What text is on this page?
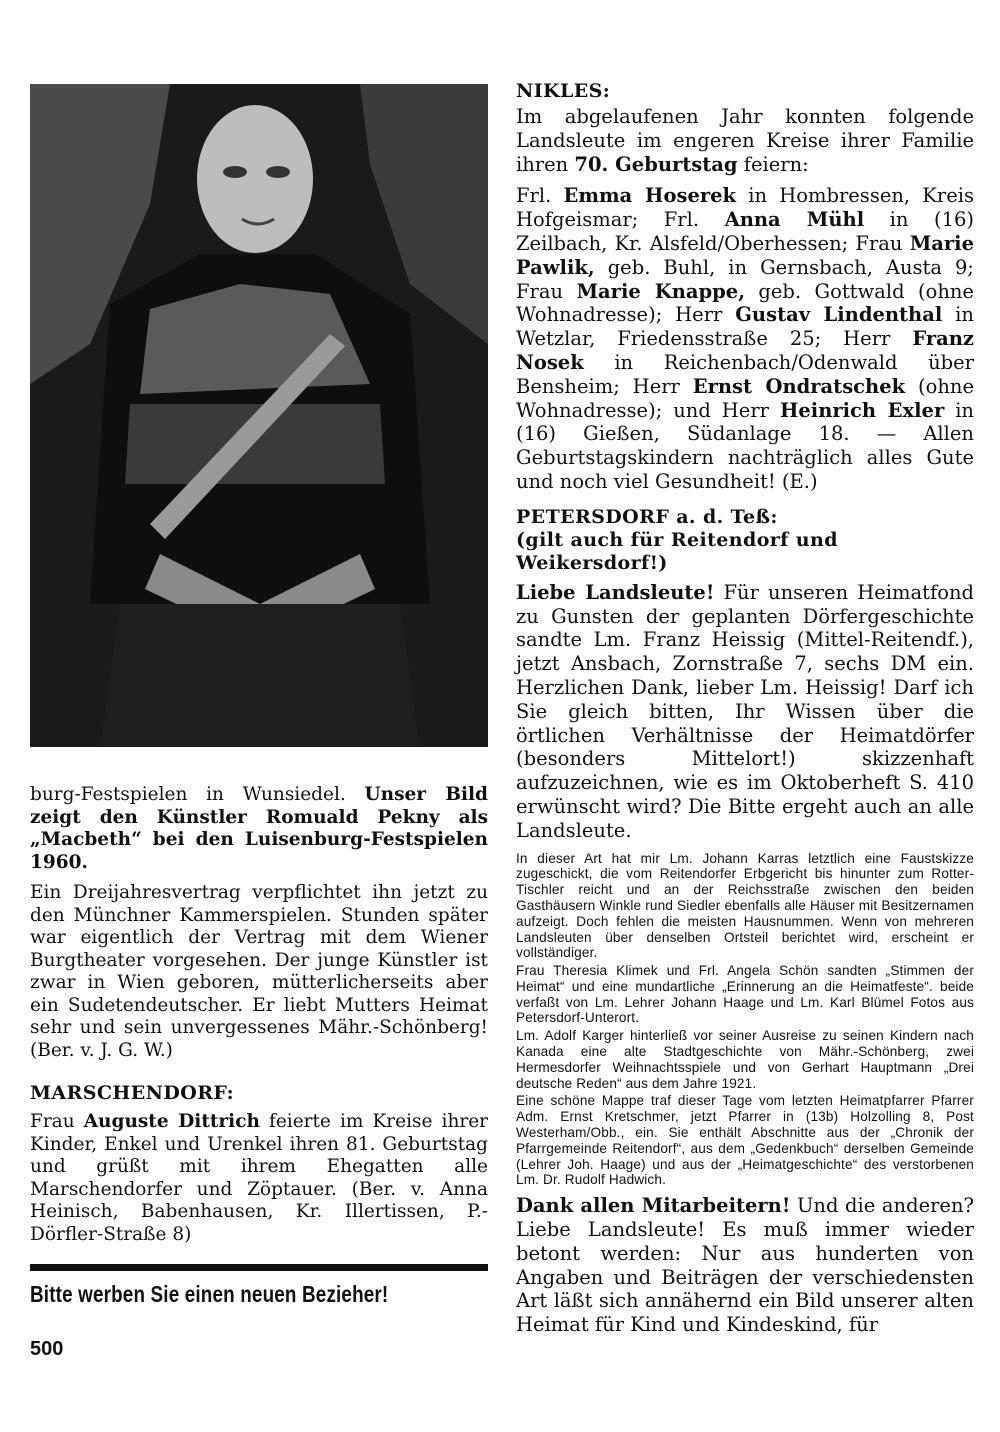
burg-Festspielen in Wunsiedel. Unser Bild zeigt den Künstler Romuald Pekny als „Macbeth“ bei den Luisenburg-Festspielen 1960.

Ein Dreijahresvertrag verpflichtet ihn jetzt zu den Münchner Kammerspielen. Stunden später war eigentlich der Vertrag mit dem Wiener Burgtheater vorgesehen. Der junge Künstler ist zwar in Wien geboren, mütterlicherseits aber ein Sudetendeutscher. Er liebt Mutters Heimat sehr und sein unvergessenes Mähr.-Schönberg! (Ber. v. J. G. W.)

MARSCHENDORF:

Frau Auguste Dittrich feierte im Kreise ihrer Kinder, Enkel und Urenkel ihren 81. Geburtstag und grüßt mit ihrem Ehegatten alle Marschendorfer und Zöptauer. (Ber. v. Anna Heinisch, Babenhausen, Kr. Illertissen, P.-Dörfler-Straße 8)

Bitte werben Sie einen neuen Bezieher!
500
NIKLES:

Im abgelaufenen Jahr konnten folgende Landsleute im engeren Kreise ihrer Familie ihren 70. Geburtstag feiern:

Frl. Emma Hoserek in Hombressen, Kreis Hofgeismar; Frl. Anna Mühl in (16) Zeilbach, Kr. Alsfeld/Oberhessen; Frau Marie Pawlik, geb. Buhl, in Gernsbach, Austa 9; Frau Marie Knappe, geb. Gottwald (ohne Wohnadresse); Herr Gustav Lindenthal in Wetzlar, Friedensstraße 25; Herr Franz Nosek in Reichenbach/Odenwald über Bensheim; Herr Ernst Ondratschek (ohne Wohnadresse); und Herr Heinrich Exler in (16) Gießen, Südanlage 18. — Allen Geburtstagskindern nachträglich alles Gute und noch viel Gesundheit! (E.)

PETERSDORF a. d. Teß:
(gilt auch für Reitendorf und Weikersdorf!)

Liebe Landsleute! Für unseren Heimatfond zu Gunsten der geplanten Dörfergeschichte sandte Lm. Franz Heissig (Mittel-Reitendf.), jetzt Ansbach, Zornstraße 7, sechs DM ein. Herzlichen Dank, lieber Lm. Heissig! Darf ich Sie gleich bitten, Ihr Wissen über die örtlichen Verhältnisse der Heimatdörfer (besonders Mittelort!) skizzenhaft aufzuzeichnen, wie es im Oktoberheft S. 410 erwünscht wird? Die Bitte ergeht auch an alle Landsleute.

In dieser Art hat mir Lm. Johann Karras letztlich eine Faustskizze zugeschickt, die vom Reitendorfer Erbgericht bis hinunter zum Rotter-Tischler reicht und an der Reichsstraße zwischen den beiden Gasthäusern Winkle rund Siedler ebenfalls alle Häuser mit Besitzernamen aufzeigt. Doch fehlen die meisten Hausnummen. Wenn von mehreren Landsleuten über denselben Ortsteil berichtet wird, erscheint er vollständiger.

Frau Theresia Klimek und Frl. Angela Schön sandten „Stimmen der Heimat“ und eine mundartliche „Erinnerung an die Heimatfeste“. beide verfaßt von Lm. Lehrer Johann Haage und Lm. Karl Blümel Fotos aus Petersdorf-Unterort.

Lm. Adolf Karger hinterließ vor seiner Ausreise zu seinen Kindern nach Kanada eine alte Stadtgeschichte von Mähr.-Schönberg, zwei Hermesdorfer Weihnachtsspiele und von Gerhart Hauptmann „Drei deutsche Reden“ aus dem Jahre 1921.

Eine schöne Mappe traf dieser Tage vom letzten Heimatpfarrer Pfarrer Adm. Ernst Kretschmer, jetzt Pfarrer in (13b) Holzolling 8, Post Westerham/Obb., ein. Sie enthält Abschnitte aus der „Chronik der Pfarrgemeinde Reitendorf“, aus dem „Gedenkbuch“ derselben Gemeinde (Lehrer Joh. Haage) und aus der „Heimatgeschichte“ des verstorbenen Lm. Dr. Rudolf Hadwich.

Dank allen Mitarbeitern! Und die anderen? Liebe Landsleute! Es muß immer wieder betont werden: Nur aus hunderten von Angaben und Beiträgen der verschiedensten Art läßt sich annähernd ein Bild unserer alten Heimat für Kind und Kindeskind, für
